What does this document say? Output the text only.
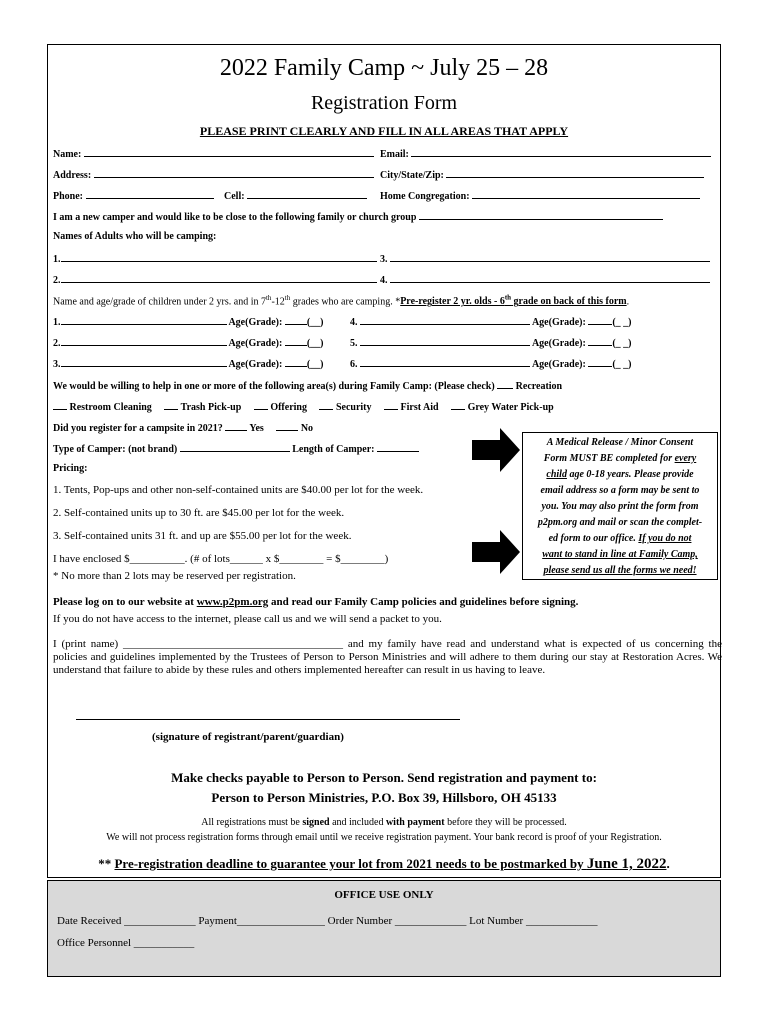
2022 Family Camp ~ July 25 – 28
Registration Form
PLEASE PRINT CLEARLY AND FILL IN ALL AREAS THAT APPLY
Name:	Email:
Address:	City/State/Zip:
Phone:	Cell:	Home Congregation:
I am a new camper and would like to be close to the following family or church group
Names of Adults who will be camping:
1.	3.
2.	4.
Name and age/grade of children under 2 yrs. and in 7th-12th grades who are camping. *Pre-register 2 yr. olds - 6th grade on back of this form.
1.	Age(Grade): (__)	4.	Age(Grade):	(_ _)
2.	Age(Grade): (__)	5.	Age(Grade):	(_ _)
3.	Age(Grade): (__)	6.	Age(Grade):	(_ _)
We would be willing to help in one or more of the following area(s) during Family Camp: (Please check) Recreation
Restroom Cleaning	Trash Pick-up	Offering	Security	First Aid	Grey Water Pick-up
Did you register for a campsite in 2021?	Yes	No
Type of Camper: (not brand)	Length of Camper:
Pricing:
1. Tents, Pop-ups and other non-self-contained units are $40.00 per lot for the week.
2. Self-contained units up to 30 ft. are $45.00 per lot for the week.
3. Self-contained units 31 ft. and up are $55.00 per lot for the week.
I have enclosed $__________. (# of lots______ x $________ = $________)
* No more than 2 lots may be reserved per registration.
A Medical Release / Minor Consent
Form MUST BE completed for every
child age 0-18 years. Please provide
email address so a form may be sent to
you. You may also print the form from
p2pm.org and mail or scan the complet-
ed form to our office. If you do not
want to stand in line at Family Camp,
please send us all the forms we need!
Please log on to our website at www.p2pm.org and read our Family Camp policies and guidelines before signing.
If you do not have access to the internet, please call us and we will send a packet to you.
I (print name) ________________________________________ and my family have read and understand what is expected of us concerning the policies and guidelines implemented by the Trustees of Person to Person Ministries and will adhere to them during our stay at Restoration Acres. We understand that failure to abide by these rules and others implemented hereafter can result in us having to leave.
(signature of registrant/parent/guardian)
Make checks payable to Person to Person. Send registration and payment to:
Person to Person Ministries, P.O. Box 39, Hillsboro, OH 45133
All registrations must be signed and included with payment before they will be processed.
We will not process registration forms through email until we receive registration payment. Your bank record is proof of your Registration.
** Pre-registration deadline to guarantee your lot from 2021 needs to be postmarked by June 1, 2022.
OFFICE USE ONLY
Date Received _____________ Payment________________ Order Number _____________ Lot Number _____________
Office Personnel ___________
